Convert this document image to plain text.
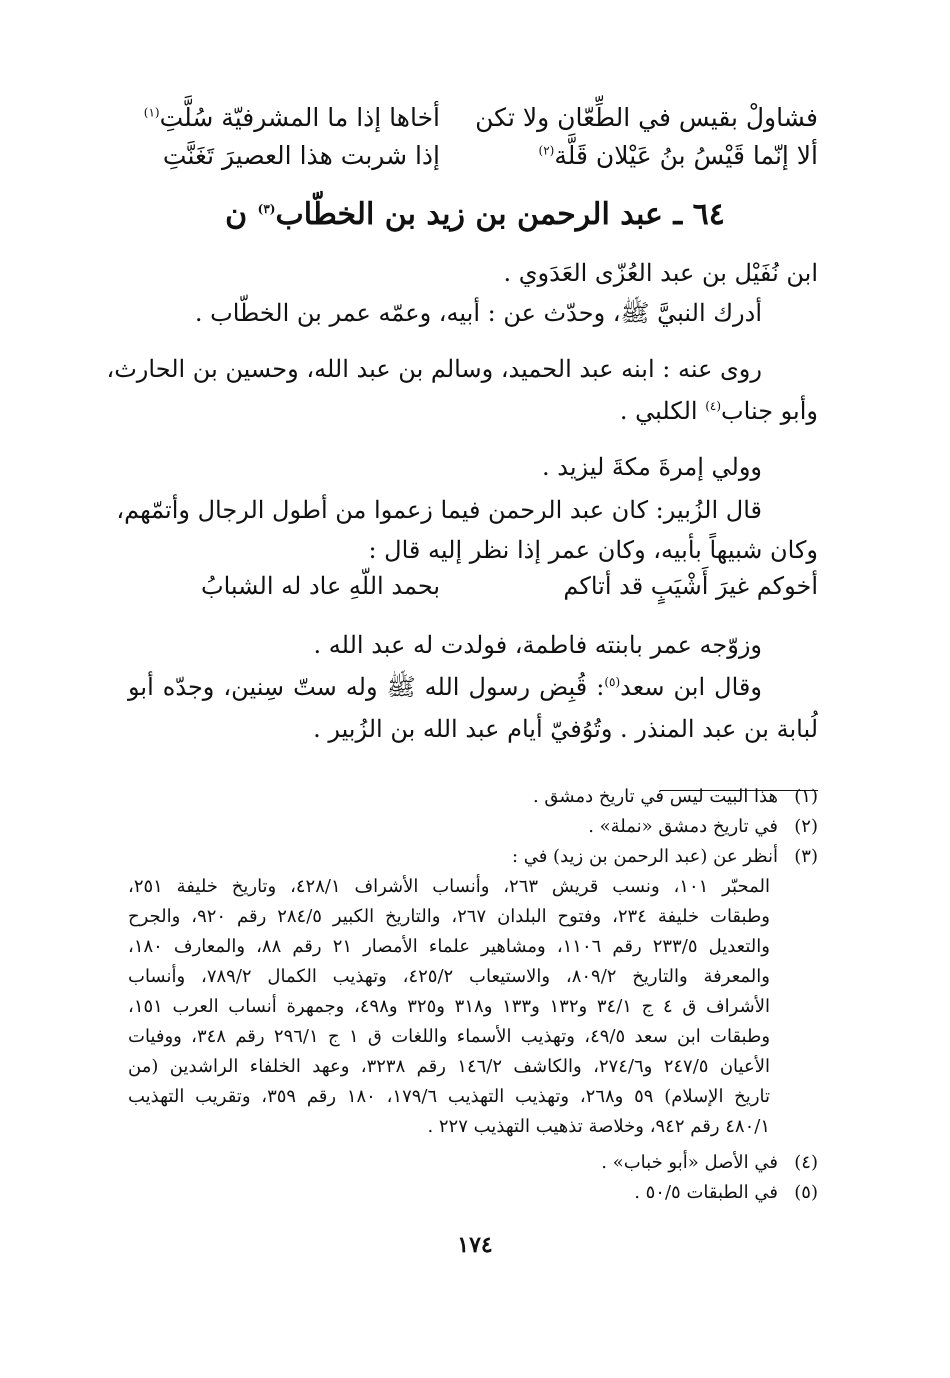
فشاولْ بقيس في الطِّعّان ولا تكن
أخاها إذا ما المشرفيّة سُلَّتِ$^{(١)}$
ألا إنّما قَيْسُ بنُ عَيْلان قَلَّة$^{(٢)}$
إذا شربت هذا العصيرَ تَغَنَّتِ
٦٤ ـ عبد الرحمن بن زيد بن الخطّاب$^{(٣)}$ ن
ابن نُفَيْل بن عبد العُزّى العَدَوي .
أدرك النبيَّ ﷺ، وحدّث عن : أبيه، وعمّه عمر بن الخطّاب .
روى عنه : ابنه عبد الحميد، وسالم بن عبد الله، وحسين بن الحارث،
وأبو جناب$^{(٤)}$ الكلبي .
وولي إمرةَ مكةَ ليزيد .
قال الزُبير: كان عبد الرحمن فيما زعموا من أطول الرجال وأتمّهم،
وكان شبيهاً بأبيه، وكان عمر إذا نظر إليه قال :
أخوكم غيرَ أَشْيَبٍ قد أتاكم
بحمد اللّهِ عاد له الشبابُ
وزوّجه عمر بابنته فاطمة، فولدت له عبد الله .
وقال ابن سعد$^{(٥)}$: قُبِض رسول الله ﷺ وله ستّ سِنين، وجدّه أبو
لُبابة بن عبد المنذر . وتُوُفيّ أيام عبد الله بن الزُبير .
(١)
هذا البيت ليس في تاريخ دمشق .
(٢)
في تاريخ دمشق «نملة» .
(٣)
أنظر عن (عبد الرحمن بن زيد) في :
المحبّر ١٠١، ونسب قريش ٢٦٣، وأنساب الأشراف ٤٢٨/١، وتاريخ خليفة ٢٥١،
وطبقات خليفة ٢٣٤، وفتوح البلدان ٢٦٧، والتاريخ الكبير ٢٨٤/٥ رقم ٩٢٠، والجرح
والتعديل ٢٣٣/٥ رقم ١١٠٦، ومشاهير علماء الأمصار ٢١ رقم ٨٨، والمعارف ١٨٠،
والمعرفة والتاريخ ٨٠٩/٢، والاستيعاب ٤٢٥/٢، وتهذيب الكمال ٧٨٩/٢، وأنساب
الأشراف ق ٤ ج ٣٤/١ و١٣٢ و١٣٣ و٣١٨ و٣٢٥ و٤٩٨، وجمهرة أنساب العرب ١٥١،
وطبقات ابن سعد ٤٩/٥، وتهذيب الأسماء واللغات ق ١ ج ٢٩٦/١ رقم ٣٤٨، ووفيات
الأعيان ٢٤٧/٥ و٢٧٤/٦، والكاشف ١٤٦/٢ رقم ٣٢٣٨، وعهد الخلفاء الراشدين (من
تاريخ الإسلام) ٥٩ و٢٦٨، وتهذيب التهذيب ١٧٩/٦، ١٨٠ رقم ٣٥٩، وتقريب التهذيب
٤٨٠/١ رقم ٩٤٢، وخلاصة تذهيب التهذيب ٢٢٧ .
(٤)
في الأصل «أبو خباب» .
(٥)
في الطبقات ٥٠/٥ .
١٧٤
